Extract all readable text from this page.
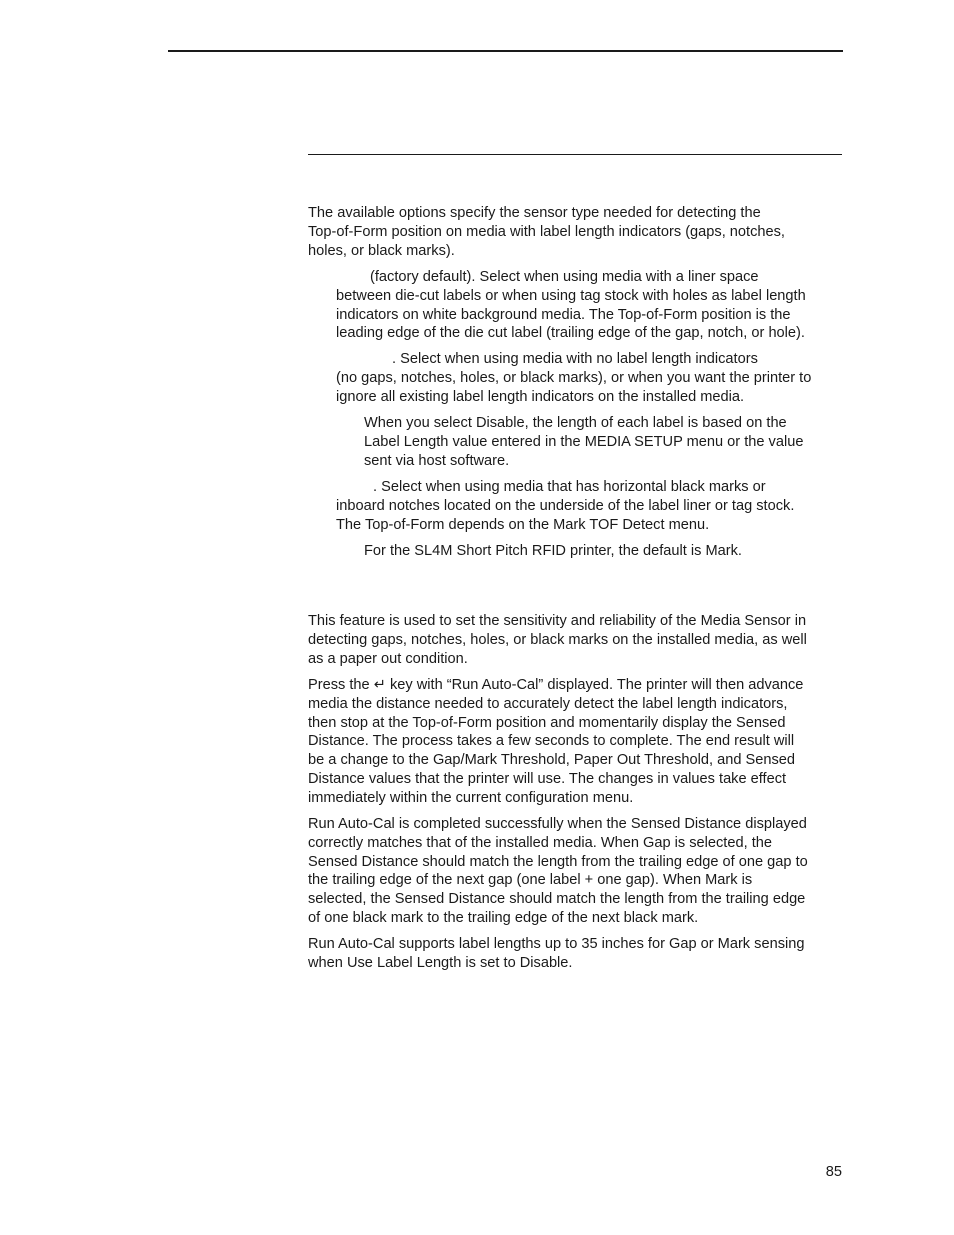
The available options specify the sensor type needed for detecting the
Top-of-Form position on media with label length indicators (gaps, notches,
holes, or black marks).

(factory default). Select when using media with a liner space
between die-cut labels or when using tag stock with holes as label length
indicators on white background media. The Top-of-Form position is the
leading edge of the die cut label (trailing edge of the gap, notch, or hole).

. Select when using media with no label length indicators
(no gaps, notches, holes, or black marks), or when you want the printer to
ignore all existing label length indicators on the installed media.

When you select Disable, the length of each label is based on the
Label Length value entered in the MEDIA SETUP menu or the value
sent via host software.

. Select when using media that has horizontal black marks or
inboard notches located on the underside of the label liner or tag stock.
The Top-of-Form depends on the Mark TOF Detect menu.

For the SL4M Short Pitch RFID printer, the default is Mark.

This feature is used to set the sensitivity and reliability of the Media Sensor in
detecting gaps, notches, holes, or black marks on the installed media, as well
as a paper out condition.

Press the ↵ key with “Run Auto-Cal” displayed. The printer will then advance
media the distance needed to accurately detect the label length indicators,
then stop at the Top-of-Form position and momentarily display the Sensed
Distance. The process takes a few seconds to complete. The end result will
be a change to the Gap/Mark Threshold, Paper Out Threshold, and Sensed
Distance values that the printer will use. The changes in values take effect
immediately within the current configuration menu.

Run Auto-Cal is completed successfully when the Sensed Distance displayed
correctly matches that of the installed media. When Gap is selected, the
Sensed Distance should match the length from the trailing edge of one gap to
the trailing edge of the next gap (one label + one gap). When Mark is
selected, the Sensed Distance should match the length from the trailing edge
of one black mark to the trailing edge of the next black mark.

Run Auto-Cal supports label lengths up to 35 inches for Gap or Mark sensing
when Use Label Length is set to Disable.

85
